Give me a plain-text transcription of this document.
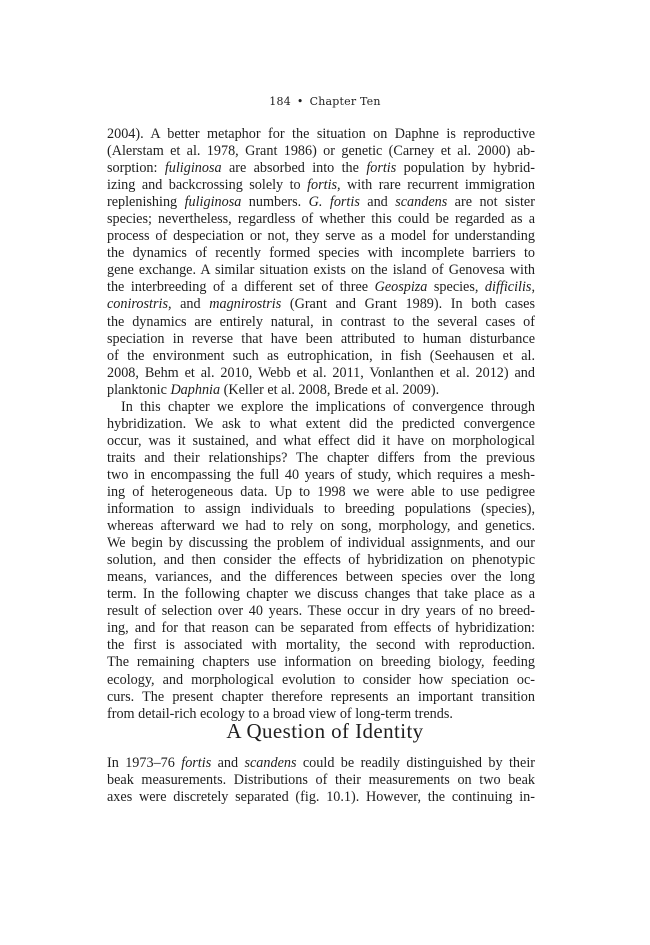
184 • Chapter Ten
2004). A better metaphor for the situation on Daphne is reproductive
(Alerstam et al. 1978, Grant 1986) or genetic (Carney et al. 2000) ab-
sorption: fuliginosa are absorbed into the fortis population by hybrid-
izing and backcrossing solely to fortis, with rare recurrent immigration
replenishing fuliginosa numbers. G. fortis and scandens are not sister
species; nevertheless, regardless of whether this could be regarded as a
process of despeciation or not, they serve as a model for understanding
the dynamics of recently formed species with incomplete barriers to
gene exchange. A similar situation exists on the island of Genovesa with
the interbreeding of a different set of three Geospiza species, difficilis,
conirostris, and magnirostris (Grant and Grant 1989). In both cases
the dynamics are entirely natural, in contrast to the several cases of
speciation in reverse that have been attributed to human disturbance
of the environment such as eutrophication, in fish (Seehausen et al.
2008, Behm et al. 2010, Webb et al. 2011, Vonlanthen et al. 2012) and
planktonic Daphnia (Keller et al. 2008, Brede et al. 2009).
In this chapter we explore the implications of convergence through
hybridization. We ask to what extent did the predicted convergence
occur, was it sustained, and what effect did it have on morphological
traits and their relationships? The chapter differs from the previous
two in encompassing the full 40 years of study, which requires a mesh-
ing of heterogeneous data. Up to 1998 we were able to use pedigree
information to assign individuals to breeding populations (species),
whereas afterward we had to rely on song, morphology, and genetics.
We begin by discussing the problem of individual assignments, and our
solution, and then consider the effects of hybridization on phenotypic
means, variances, and the differences between species over the long
term. In the following chapter we discuss changes that take place as a
result of selection over 40 years. These occur in dry years of no breed-
ing, and for that reason can be separated from effects of hybridization:
the first is associated with mortality, the second with reproduction.
The remaining chapters use information on breeding biology, feeding
ecology, and morphological evolution to consider how speciation oc-
curs. The present chapter therefore represents an important transition
from detail-rich ecology to a broad view of long-term trends.
A Question of Identity
In 1973–76 fortis and scandens could be readily distinguished by their
beak measurements. Distributions of their measurements on two beak
axes were discretely separated (fig. 10.1). However, the continuing in-
